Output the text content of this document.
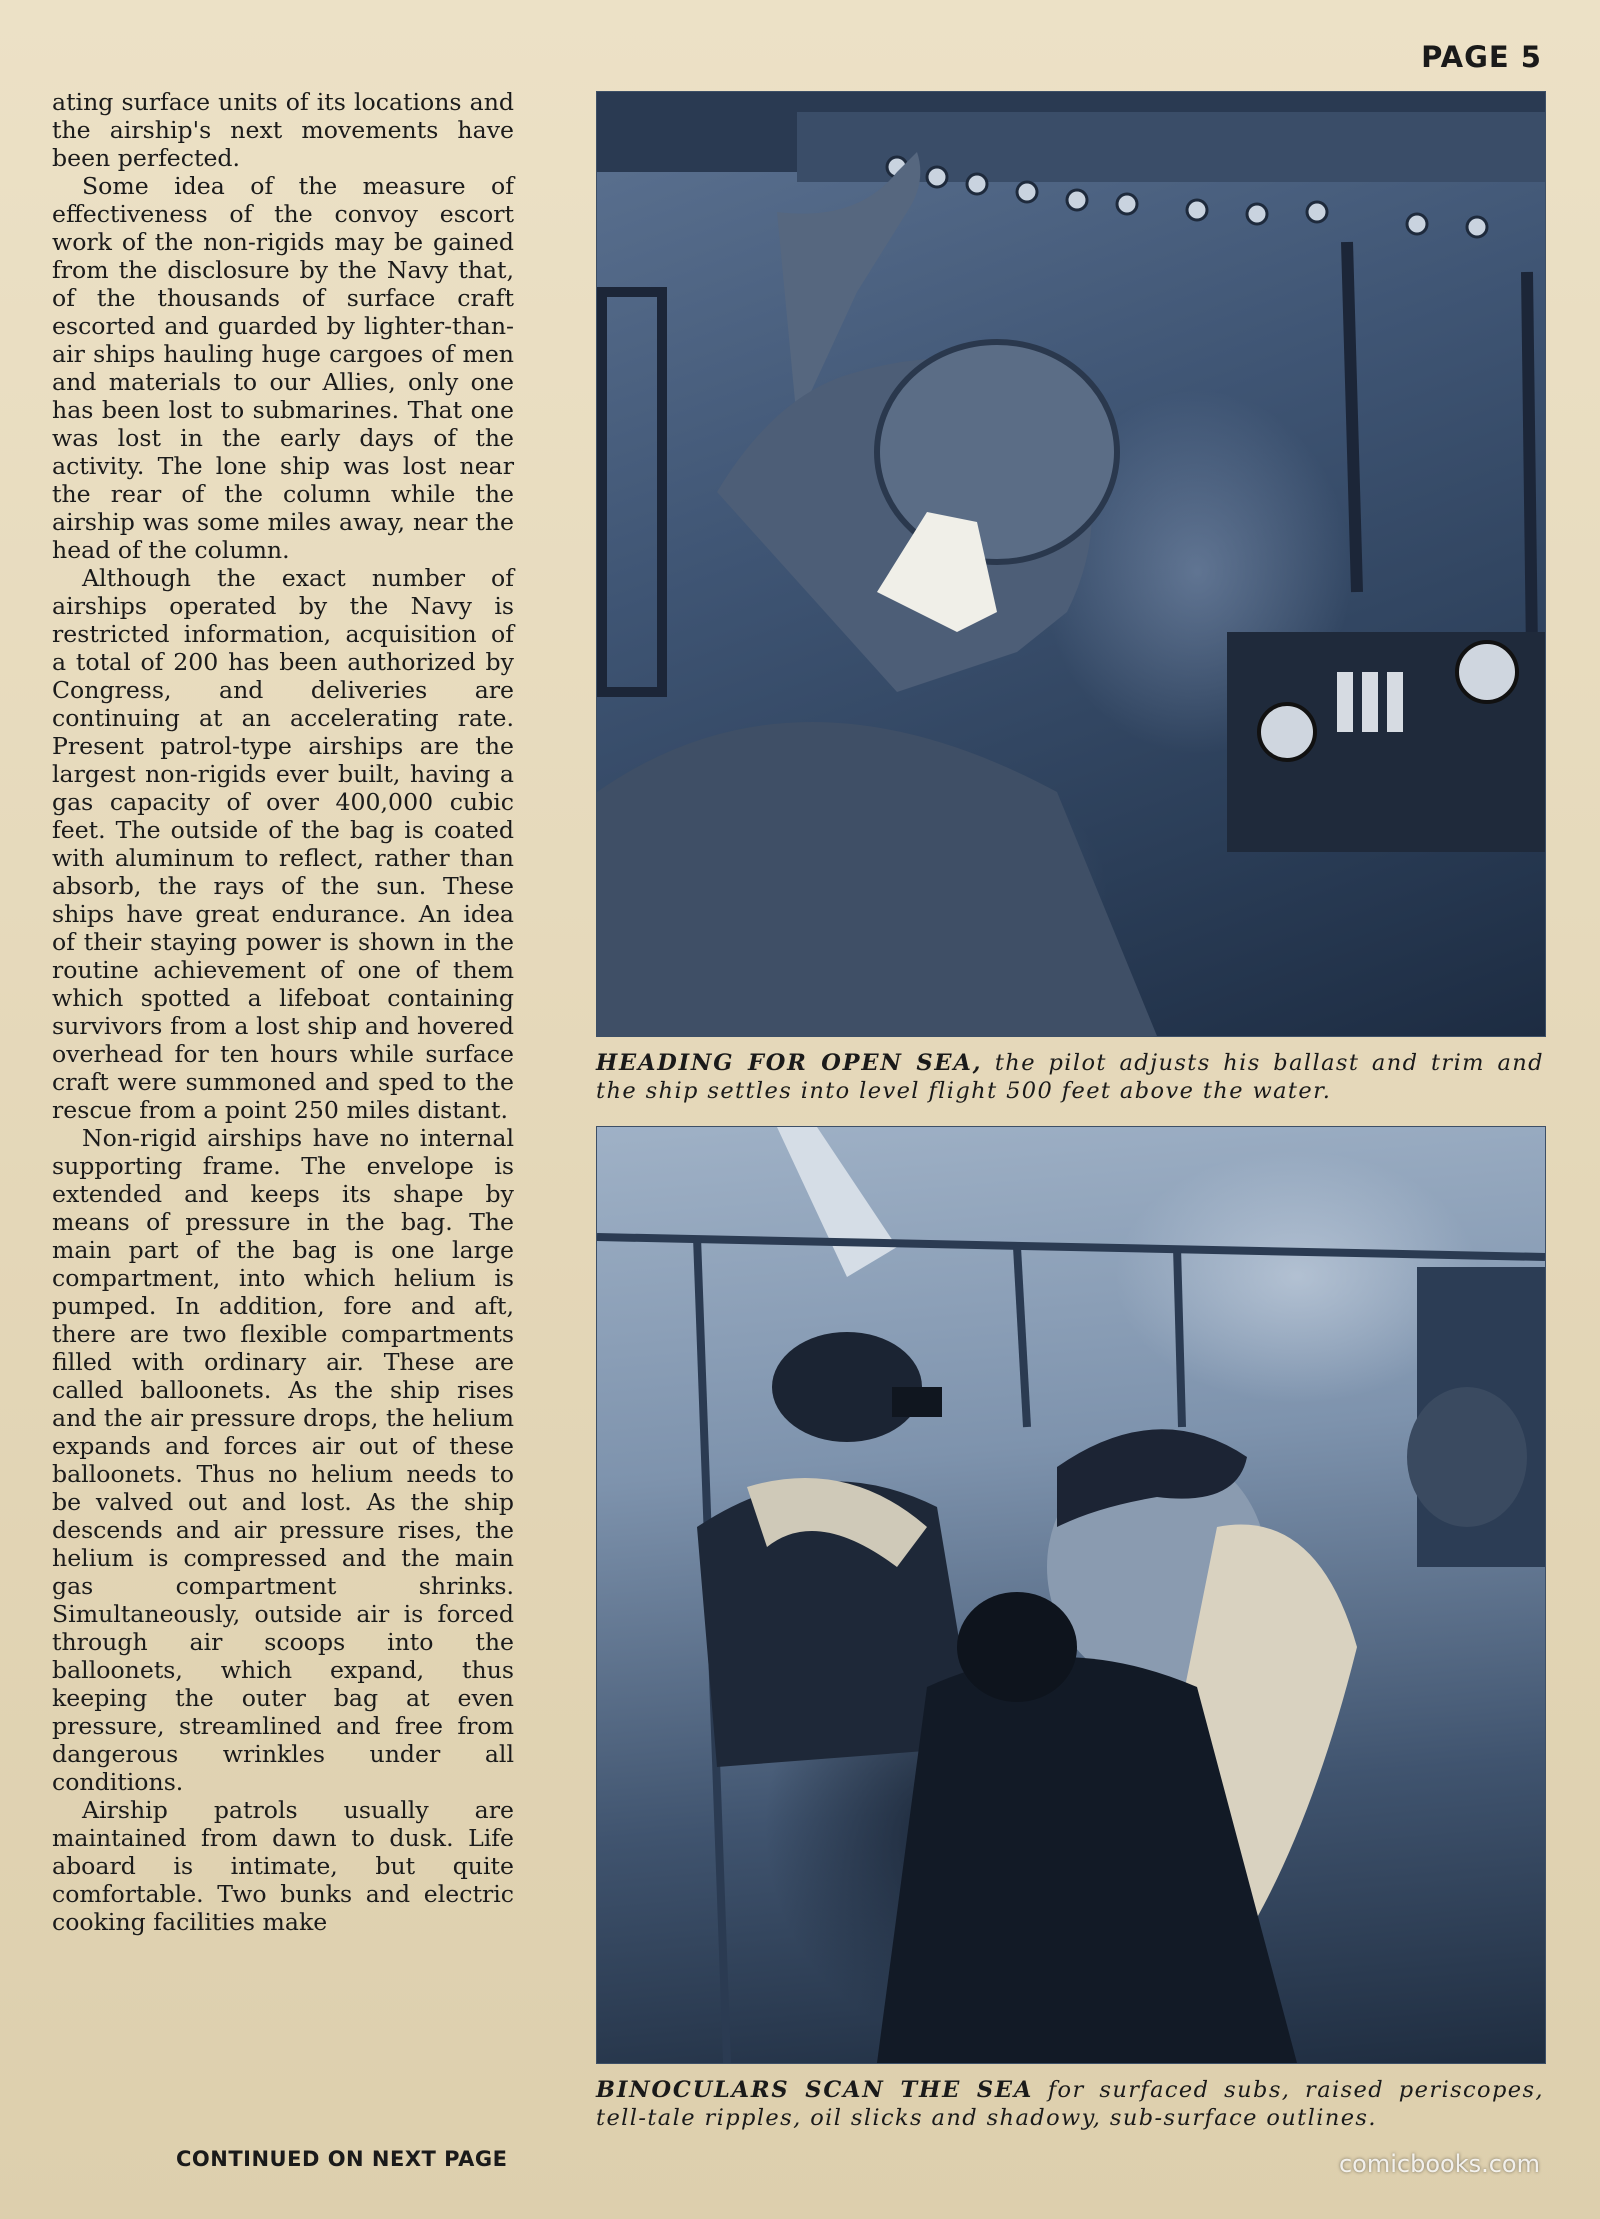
PAGE 5

ating surface units of its locations and the airship's next movements have been perfected.

Some idea of the measure of effectiveness of the convoy escort work of the non-rigids may be gained from the disclosure by the Navy that, of the thousands of surface craft escorted and guarded by lighter-than-air ships hauling huge cargoes of men and materials to our Allies, only one has been lost to submarines. That one was lost in the early days of the activity. The lone ship was lost near the rear of the column while the airship was some miles away, near the head of the column.

Although the exact number of airships operated by the Navy is restricted information, acquisition of a total of 200 has been authorized by Congress, and deliveries are continuing at an accelerating rate. Present patrol-type airships are the largest non-rigids ever built, having a gas capacity of over 400,000 cubic feet. The outside of the bag is coated with aluminum to reflect, rather than absorb, the rays of the sun. These ships have great endurance. An idea of their staying power is shown in the routine achievement of one of them which spotted a lifeboat containing survivors from a lost ship and hovered overhead for ten hours while surface craft were summoned and sped to the rescue from a point 250 miles distant.

Non-rigid airships have no internal supporting frame. The envelope is extended and keeps its shape by means of pressure in the bag. The main part of the bag is one large compartment, into which helium is pumped. In addition, fore and aft, there are two flexible compartments filled with ordinary air. These are called balloonets. As the ship rises and the air pressure drops, the helium expands and forces air out of these balloonets. Thus no helium needs to be valved out and lost. As the ship descends and air pressure rises, the helium is compressed and the main gas compartment shrinks. Simultaneously, outside air is forced through air scoops into the balloonets, which expand, thus keeping the outer bag at even pressure, streamlined and free from dangerous wrinkles under all conditions.

Airship patrols usually are maintained from dawn to dusk. Life aboard is intimate, but quite comfortable. Two bunks and electric cooking facilities make

CONTINUED ON NEXT PAGE
HEADING FOR OPEN SEA, the pilot adjusts his ballast and trim and the ship settles into level flight 500 feet above the water.
BINOCULARS SCAN THE SEA for surfaced subs, raised periscopes, tell-tale ripples, oil slicks and shadowy, sub-surface outlines.
comicbooks.com
